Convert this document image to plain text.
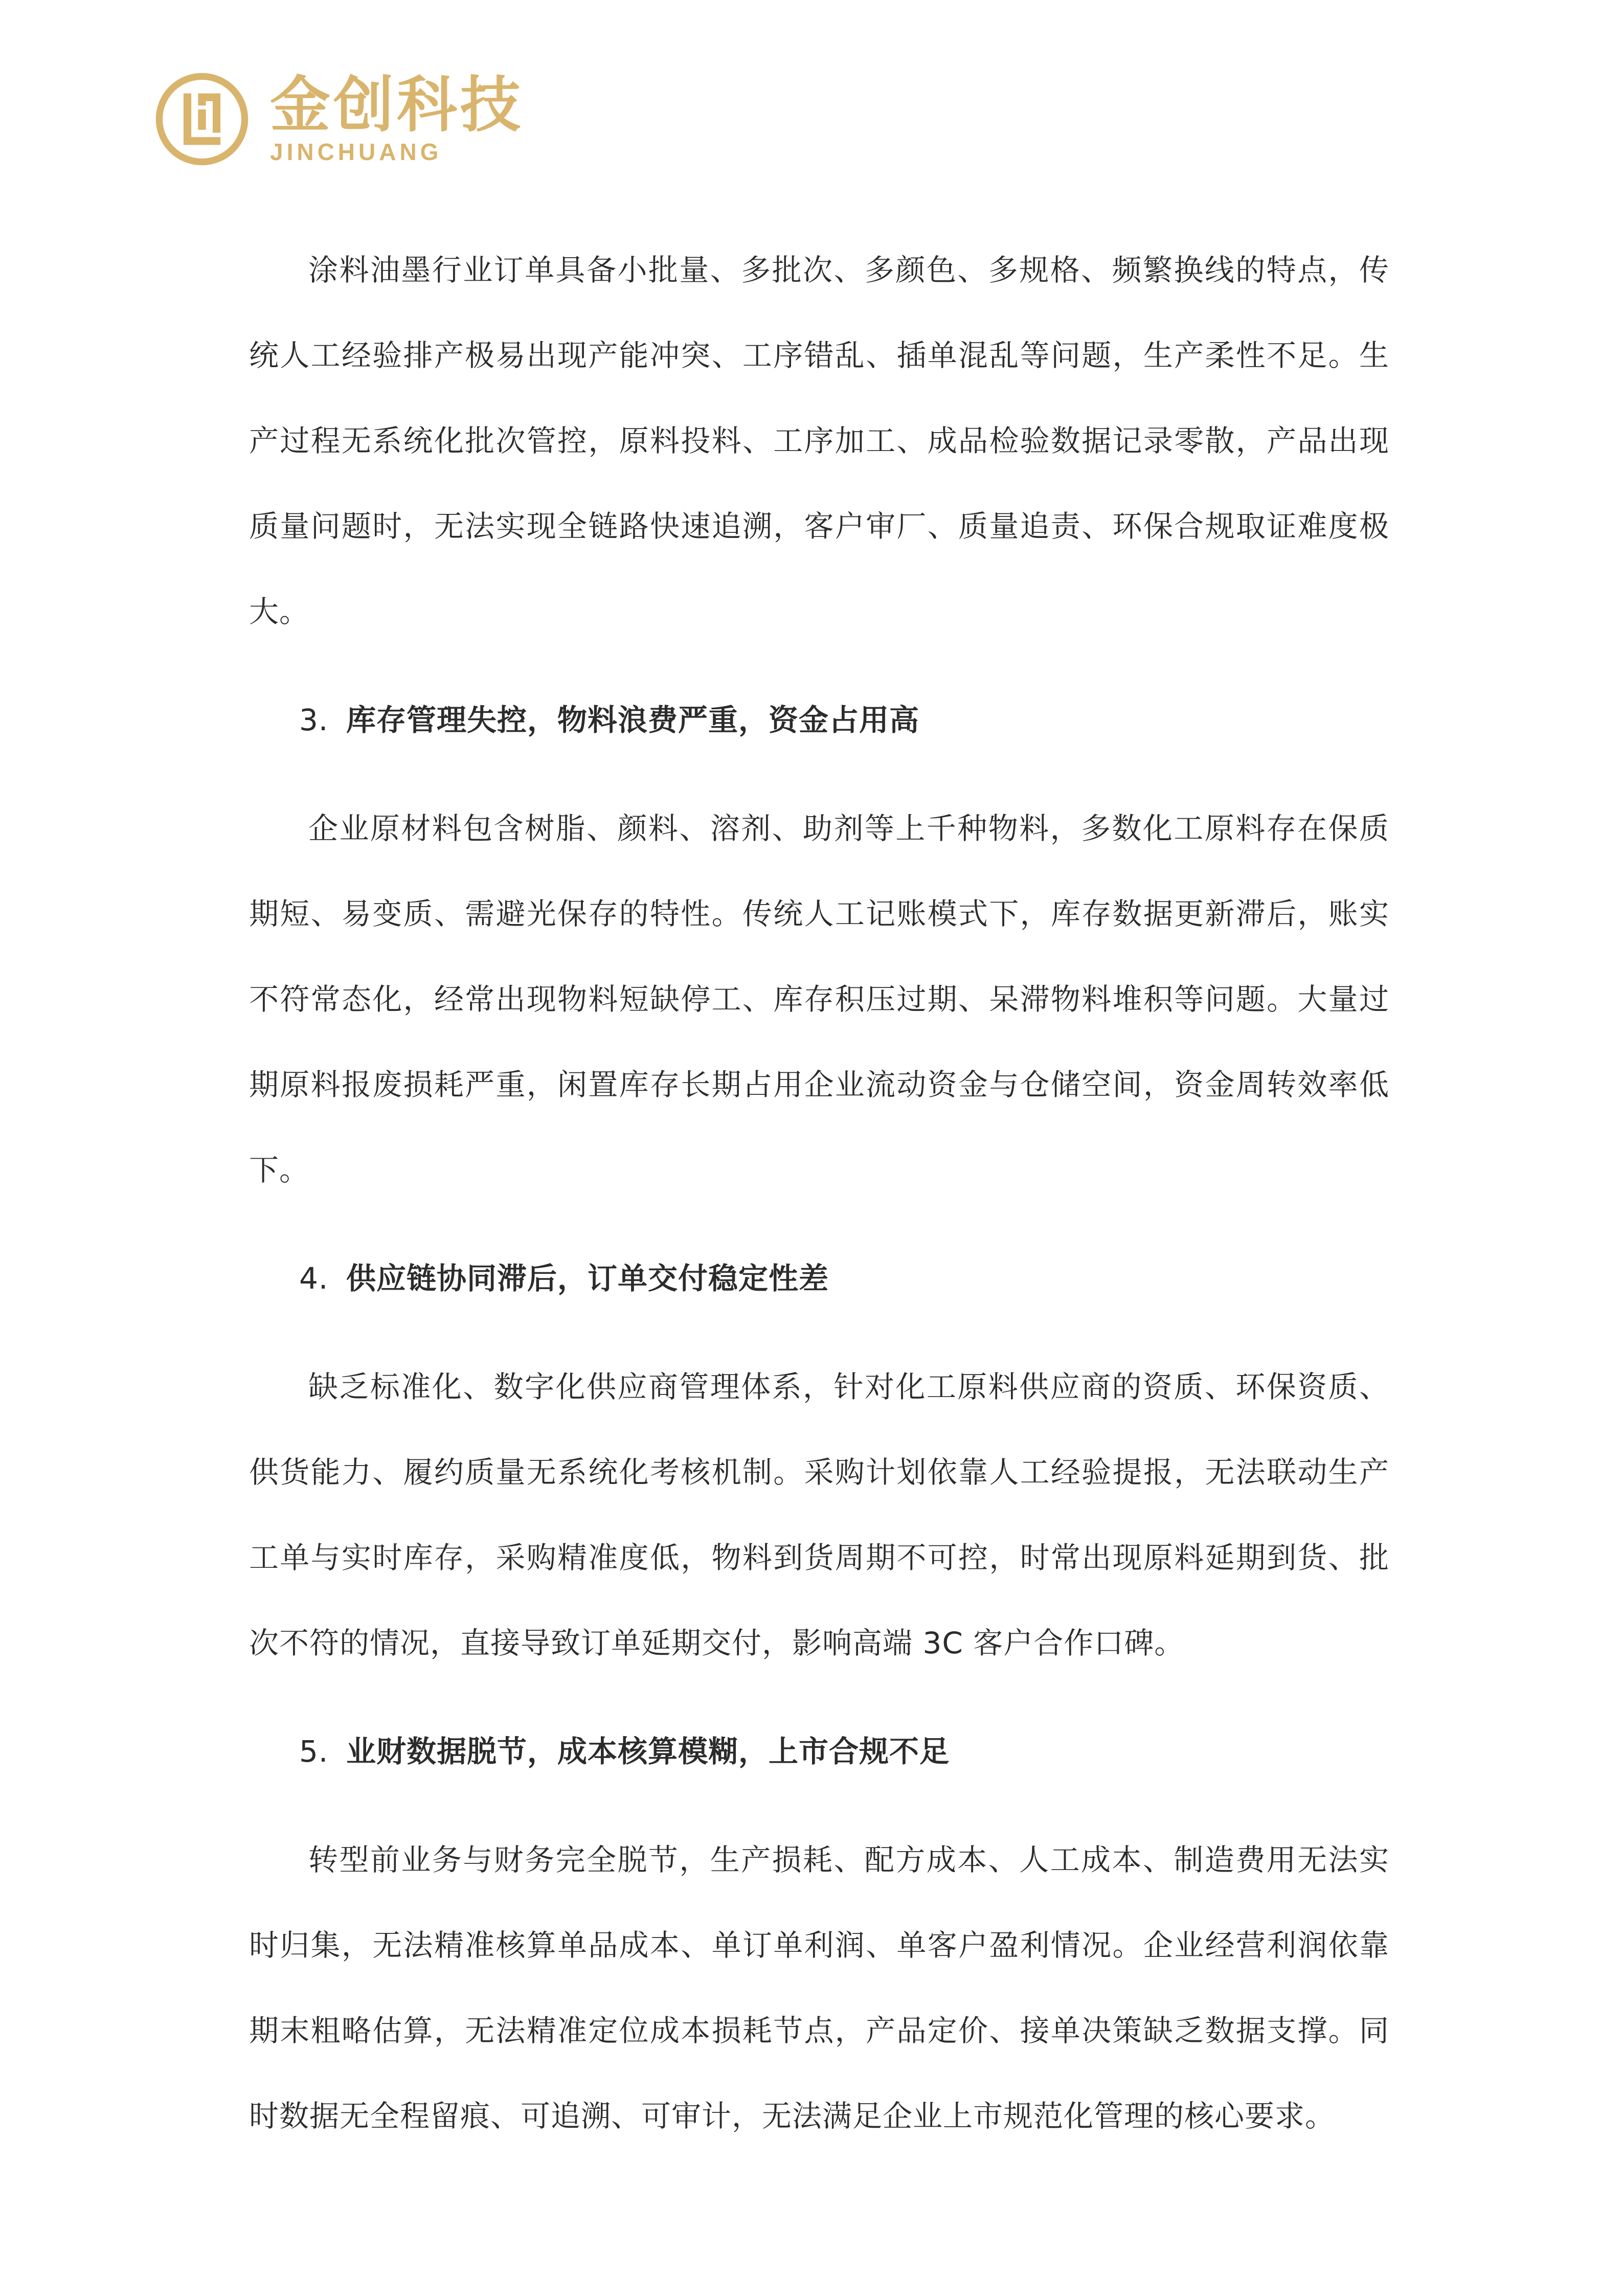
金创科技
JINCHUANG

涂料油墨行业订单具备小批量、多批次、多颜色、多规格、频繁换线的特点，传统人工经验排产极易出现产能冲突、工序错乱、插单混乱等问题，生产柔性不足。生产过程无系统化批次管控，原料投料、工序加工、成品检验数据记录零散，产品出现质量问题时，无法实现全链路快速追溯，客户审厂、质量追责、环保合规取证难度极大。

3. 库存管理失控，物料浪费严重，资金占用高

企业原材料包含树脂、颜料、溶剂、助剂等上千种物料，多数化工原料存在保质期短、易变质、需避光保存的特性。传统人工记账模式下，库存数据更新滞后，账实不符常态化，经常出现物料短缺停工、库存积压过期、呆滞物料堆积等问题。大量过期原料报废损耗严重，闲置库存长期占用企业流动资金与仓储空间，资金周转效率低下。

4. 供应链协同滞后，订单交付稳定性差

缺乏标准化、数字化供应商管理体系，针对化工原料供应商的资质、环保资质、供货能力、履约质量无系统化考核机制。采购计划依靠人工经验提报，无法联动生产工单与实时库存，采购精准度低，物料到货周期不可控，时常出现原料延期到货、批次不符的情况，直接导致订单延期交付，影响高端 3C 客户合作口碑。

5. 业财数据脱节，成本核算模糊，上市合规不足

转型前业务与财务完全脱节，生产损耗、配方成本、人工成本、制造费用无法实时归集，无法精准核算单品成本、单订单利润、单客户盈利情况。企业经营利润依靠期末粗略估算，无法精准定位成本损耗节点，产品定价、接单决策缺乏数据支撑。同时数据无全程留痕、可追溯、可审计，无法满足企业上市规范化管理的核心要求。
